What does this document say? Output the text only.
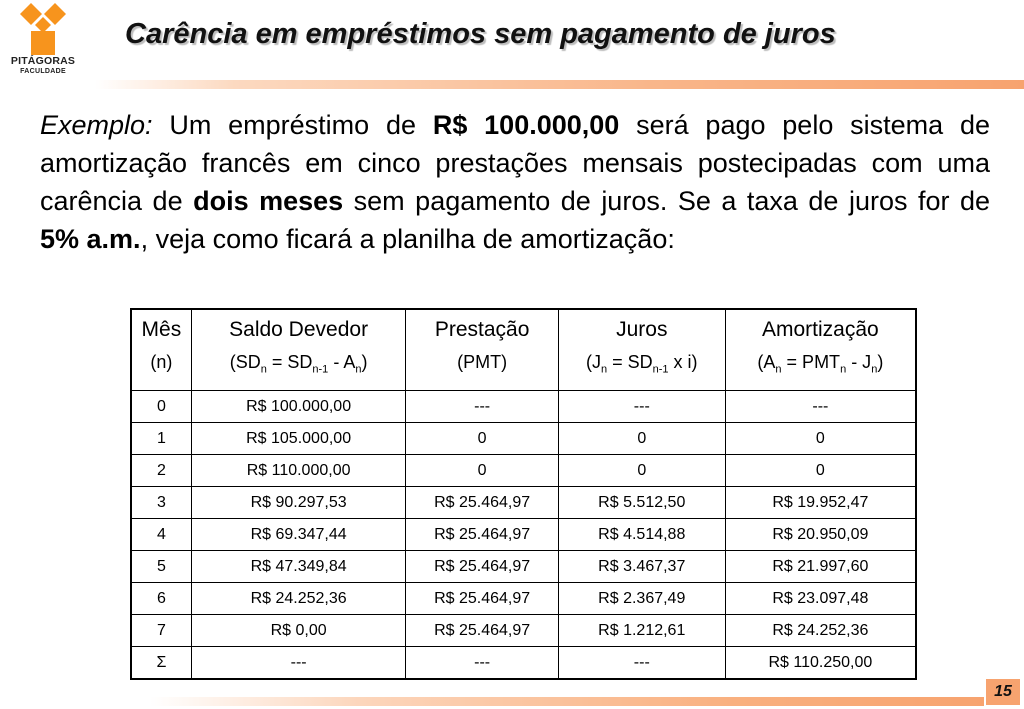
PITÁGORAS
FACULDADE
Carência em empréstimos sem pagamento de juros
Exemplo: Um empréstimo de R$ 100.000,00 será pago pelo sistema de amortização francês em cinco prestações mensais postecipadas com uma carência de dois meses sem pagamento de juros. Se a taxa de juros for de 5% a.m., veja como ficará a planilha de amortização:
Mês	Saldo Devedor	Prestação	Juros	Amortização
(n)	$(SD_n = SD_{n-1} - A_n)$	(PMT)	($J_n = SD_{n-1}$ x i)	$(A_n = PMT_n - J_n)$
0	R$ 100.000,00	---	---	---
1	R$ 105.000,00	0	0	0
2	R$ 110.000,00	0	0	0
3	R$ 90.297,53	R$ 25.464,97	R$ 5.512,50	R$ 19.952,47
4	R$ 69.347,44	R$ 25.464,97	R$ 4.514,88	R$ 20.950,09
5	R$ 47.349,84	R$ 25.464,97	R$ 3.467,37	R$ 21.997,60
6	R$ 24.252,36	R$ 25.464,97	R$ 2.367,49	R$ 23.097,48
7	R$ 0,00	R$ 25.464,97	R$ 1.212,61	R$ 24.252,36
Σ	---	---	---	R$ 110.250,00
15
